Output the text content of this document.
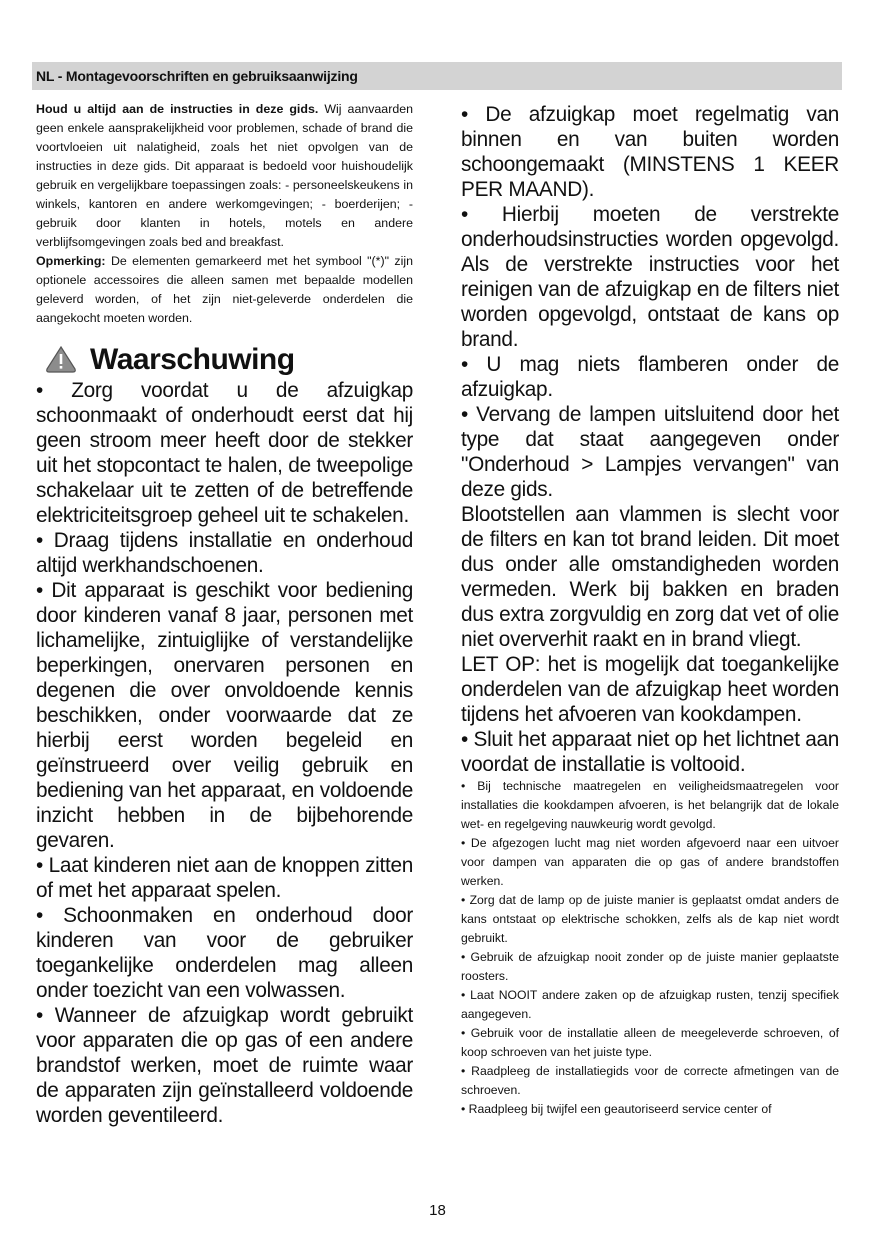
NL - Montagevoorschriften en gebruiksaanwijzing

Houd u altijd aan de instructies in deze gids. Wij aanvaarden geen enkele aansprakelijkheid voor problemen, schade of brand die voortvloeien uit nalatigheid, zoals het niet opvolgen van de instructies in deze gids. Dit apparaat is bedoeld voor huishoudelijk gebruik en vergelijkbare toepassingen zoals: - personeelskeukens in winkels, kantoren en andere werkomgevingen; - boerderijen; - gebruik door klanten in hotels, motels en andere verblijfsomgevingen zoals bed and breakfast.

Opmerking: De elementen gemarkeerd met het symbool "(*)" zijn optionele accessoires die alleen samen met bepaalde modellen geleverd worden, of het zijn niet-geleverde onderdelen die aangekocht moeten worden.

Waarschuwing

• Zorg voordat u de afzuigkap schoonmaakt of onderhoudt eerst dat hij geen stroom meer heeft door de stekker uit het stopcontact te halen, de tweepolige schakelaar uit te zetten of de betreffende elektriciteitsgroep geheel uit te schakelen.

• Draag tijdens installatie en onderhoud altijd werkhandschoenen.

• Dit apparaat is geschikt voor bediening door kinderen vanaf 8 jaar, personen met lichamelijke, zintuiglijke of verstandelijke beperkingen, onervaren personen en degenen die over onvoldoende kennis beschikken, onder voorwaarde dat ze hierbij eerst worden begeleid en geïnstrueerd over veilig gebruik en bediening van het apparaat, en voldoende inzicht hebben in de bijbehorende gevaren.

• Laat kinderen niet aan de knoppen zitten of met het apparaat spelen.

• Schoonmaken en onderhoud door kinderen van voor de gebruiker toegankelijke onderdelen mag alleen onder toezicht van een volwassen.

• Wanneer de afzuigkap wordt gebruikt voor apparaten die op gas of een andere brandstof werken, moet de ruimte waar de apparaten zijn geïnstalleerd voldoende worden geventileerd.

• De afzuigkap moet regelmatig van binnen en van buiten worden schoongemaakt (MINSTENS 1 KEER PER MAAND).

• Hierbij moeten de verstrekte onderhoudsinstructies worden opgevolgd. Als de verstrekte instructies voor het reinigen van de afzuigkap en de filters niet worden opgevolgd, ontstaat de kans op brand.

• U mag niets flamberen onder de afzuigkap.

• Vervang de lampen uitsluitend door het type dat staat aangegeven onder "Onderhoud > Lampjes vervangen" van deze gids.

Blootstellen aan vlammen is slecht voor de filters en kan tot brand leiden. Dit moet dus onder alle omstandigheden worden vermeden. Werk bij bakken en braden dus extra zorgvuldig en zorg dat vet of olie niet oververhit raakt en in brand vliegt.

LET OP: het is mogelijk dat toegankelijke onderdelen van de afzuigkap heet worden tijdens het afvoeren van kookdampen.

• Sluit het apparaat niet op het lichtnet aan voordat de installatie is voltooid.

• Bij technische maatregelen en veiligheidsmaatregelen voor installaties die kookdampen afvoeren, is het belangrijk dat de lokale wet- en regelgeving nauwkeurig wordt gevolgd.

• De afgezogen lucht mag niet worden afgevoerd naar een uitvoer voor dampen van apparaten die op gas of andere brandstoffen werken.

• Zorg dat de lamp op de juiste manier is geplaatst omdat anders de kans ontstaat op elektrische schokken, zelfs als de kap niet wordt gebruikt.

• Gebruik de afzuigkap nooit zonder op de juiste manier geplaatste roosters.

• Laat NOOIT andere zaken op de afzuigkap rusten, tenzij specifiek aangegeven.

• Gebruik voor de installatie alleen de meegeleverde schroeven, of koop schroeven van het juiste type.

• Raadpleeg de installatiegids voor de correcte afmetingen van de schroeven.

• Raadpleeg bij twijfel een geautoriseerd service center of

18
